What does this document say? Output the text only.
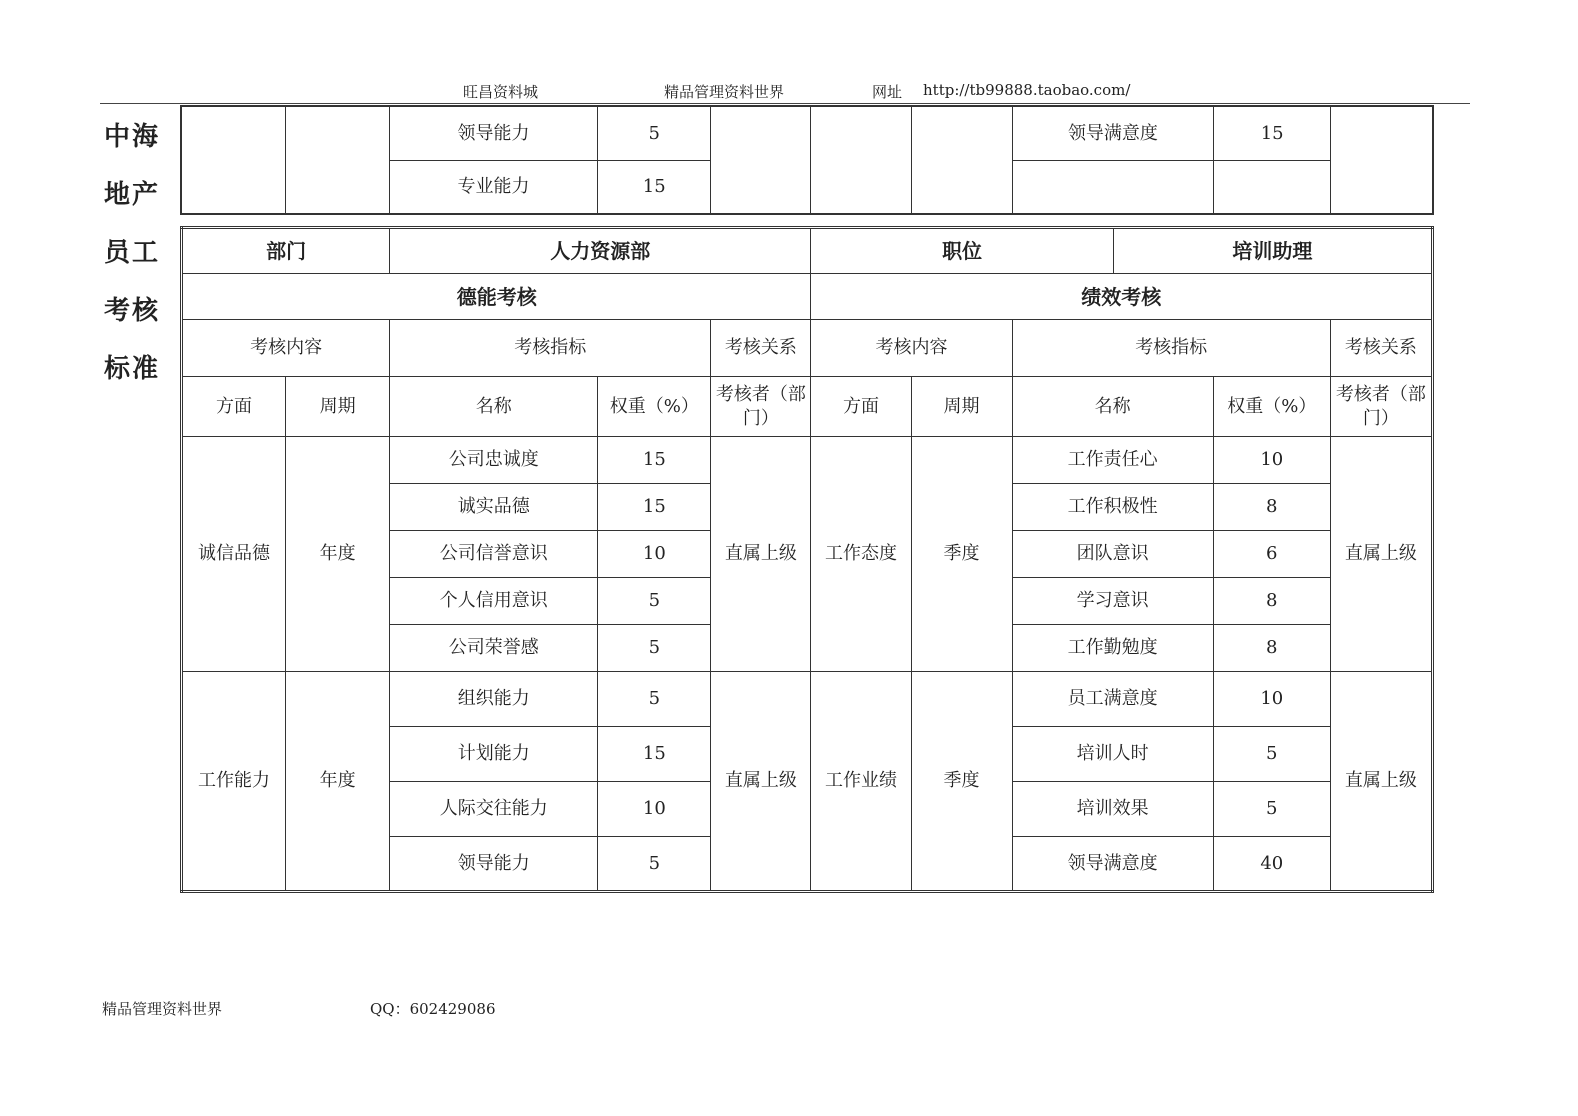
旺昌资料城	精品管理资料世界	网址 http://tb99888.taobao.com/
中海
地产
员工
考核
标准
		领导能力	5				领导满意度	15	
		专业能力	15						
部门		人力资源部			职位			培训助理		
德能考核					绩效考核					
考核内容		考核指标		考核关系	考核内容		考核指标			考核关系
方面	周期	名称	权重（%）	考核者（部门）	方面	周期	名称		权重（%）	考核者（部门）
诚信品德	年度	公司忠诚度	15	直属上级	工作态度	季度	工作责任心		10	直属上级
		诚实品德	15				工作积极性		8	
		公司信誉意识	10				团队意识		6	
		个人信用意识	5				学习意识		8	
		公司荣誉感	5				工作勤勉度		8	
工作能力	年度	组织能力	5	直属上级	工作业绩	季度	员工满意度		10	直属上级
		计划能力	15				培训人时		5	
		人际交往能力	10				培训效果		5	
		领导能力	5				领导满意度		40	
精品管理资料世界	QQ：602429086
